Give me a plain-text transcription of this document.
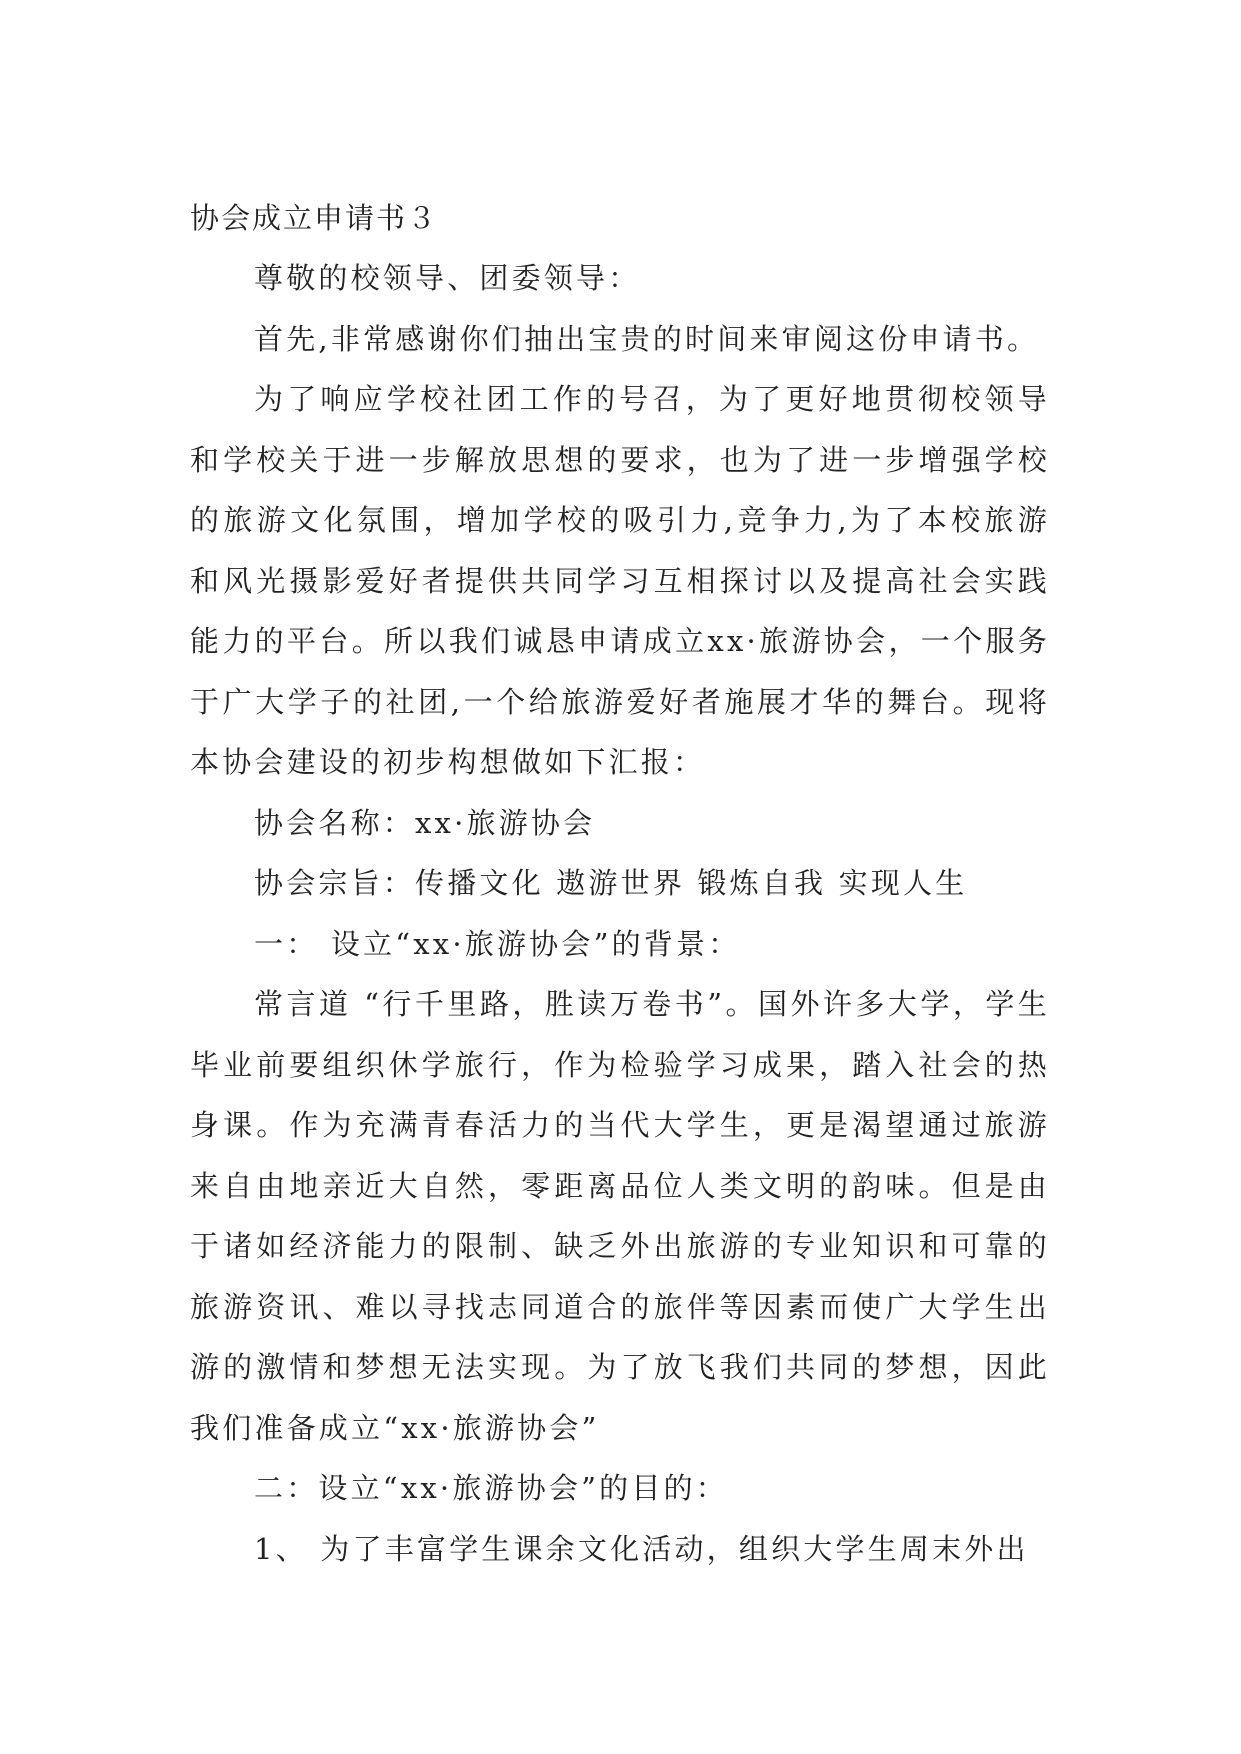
协会成立申请书３

尊敬的校领导、团委领导：

首先,非常感谢你们抽出宝贵的时间来审阅这份申请书。

为了响应学校社团工作的号召，为了更好地贯彻校领导和学校关于进一步解放思想的要求，也为了进一步增强学校的旅游文化氛围，增加学校的吸引力,竞争力,为了本校旅游和风光摄影爱好者提供共同学习互相探讨以及提高社会实践能力的平台。所以我们诚恳申请成立xx·旅游协会，一个服务于广大学子的社团,一个给旅游爱好者施展才华的舞台。现将本协会建设的初步构想做如下汇报：

协会名称：xx·旅游协会

协会宗旨：传播文化 遨游世界 锻炼自我 实现人生

一： 设立“xx·旅游协会”的背景：

常言道 “行千里路，胜读万卷书”。国外许多大学，学生毕业前要组织休学旅行，作为检验学习成果，踏入社会的热身课。作为充满青春活力的当代大学生，更是渴望通过旅游来自由地亲近大自然，零距离品位人类文明的韵味。但是由于诸如经济能力的限制、缺乏外出旅游的专业知识和可靠的旅游资讯、难以寻找志同道合的旅伴等因素而使广大学生出游的激情和梦想无法实现。为了放飞我们共同的梦想，因此我们准备成立“xx·旅游协会”

二：设立“xx·旅游协会”的目的：

1、 为了丰富学生课余文化活动，组织大学生周末外出
